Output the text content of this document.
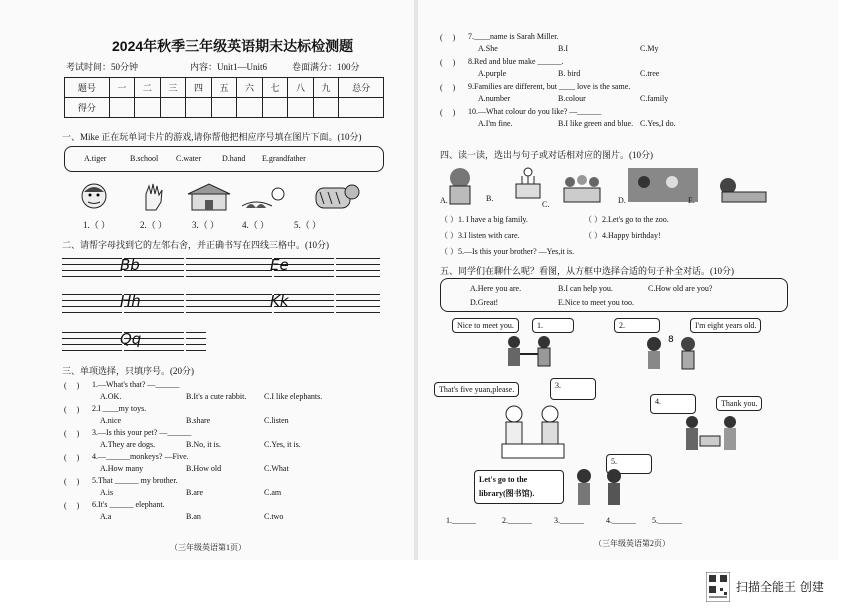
2024年秋季三年级英语期末达标检测题
考试时间：50分钟	内容：Unit1—Unit6	卷面满分：100分
题号	一	二	三	四	五	六	七	八	九	总分
得分										
一、Mike 正在玩单词卡片的游戏,请你帮他把相应序号填在图片下面。(10分)
A.tiger	B.school C.water	D.hand E.grandfather
1.（ ）	2.（ ）	3.（ ）	4.（ ）	5.（ ）
二、请帮字母找到它的左邻右舍，并正确书写在四线三格中。(10分)
Bb	Ee
Hh	Kk
Qq
三、单项选择，只填序号。(20分)
(　 ) 1.—What's that? —______
A.OK.	B.It's a cute rabbit. C.I like elephants.
(　 ) 2.I ____my toys.
A.nice	B.share	C.listen
(　 ) 3.—Is this your pet? —______
A.They are dogs.	B.No, it is.	C.Yes, it is.
(　 ) 4.—______monkeys? —Five.
A.How many	B.How old	C.What
(　 ) 5.That ______ my brother.
A.is	B.are	C.am
(　 ) 6.It's ______ elephant.
A.a	B.an	C.two
（三年级英语第1页）
(　 ) 7.____name is Sarah Miller.
A.She	B.I	C.My
(　 ) 8.Red and blue make ______.
A.purple	B. bird	C.tree
(　 ) 9.Families are different, but ____ love is the same.
A.number	B.colour	C.family
(　 ) 10.—What colour do you like? —______
A.I'm fine.	B.I like green and blue. C.Yes,I do.
四、读一读，选出与句子或对话相对应的图片。(10分)
A.	B.
C.	D.	E.
（ ）1. I have a big family.	（ ）2.Let's go to the zoo.
（ ）3.I listen with care.	（ ）4.Happy birthday!
（ ）5.—Is this your brother? —Yes,it is.
五、同学们在聊什么呢？看图，从方框中选择合适的句子补全对话。(10分)
A.Here you are.	B.I can help you.	C.How old are you?
D.Great!	E.Nice to meet you too.
Nice to meet you.	1.	2.	I'm eight years old.
8
That's five yuan,please.	3.
4.	Thank you.
5.
Let's go to the library(图书馆).
1.______	2.______	3.______	4.______ 5.______
（三年级英语第2页）
扫描全能王 创建
